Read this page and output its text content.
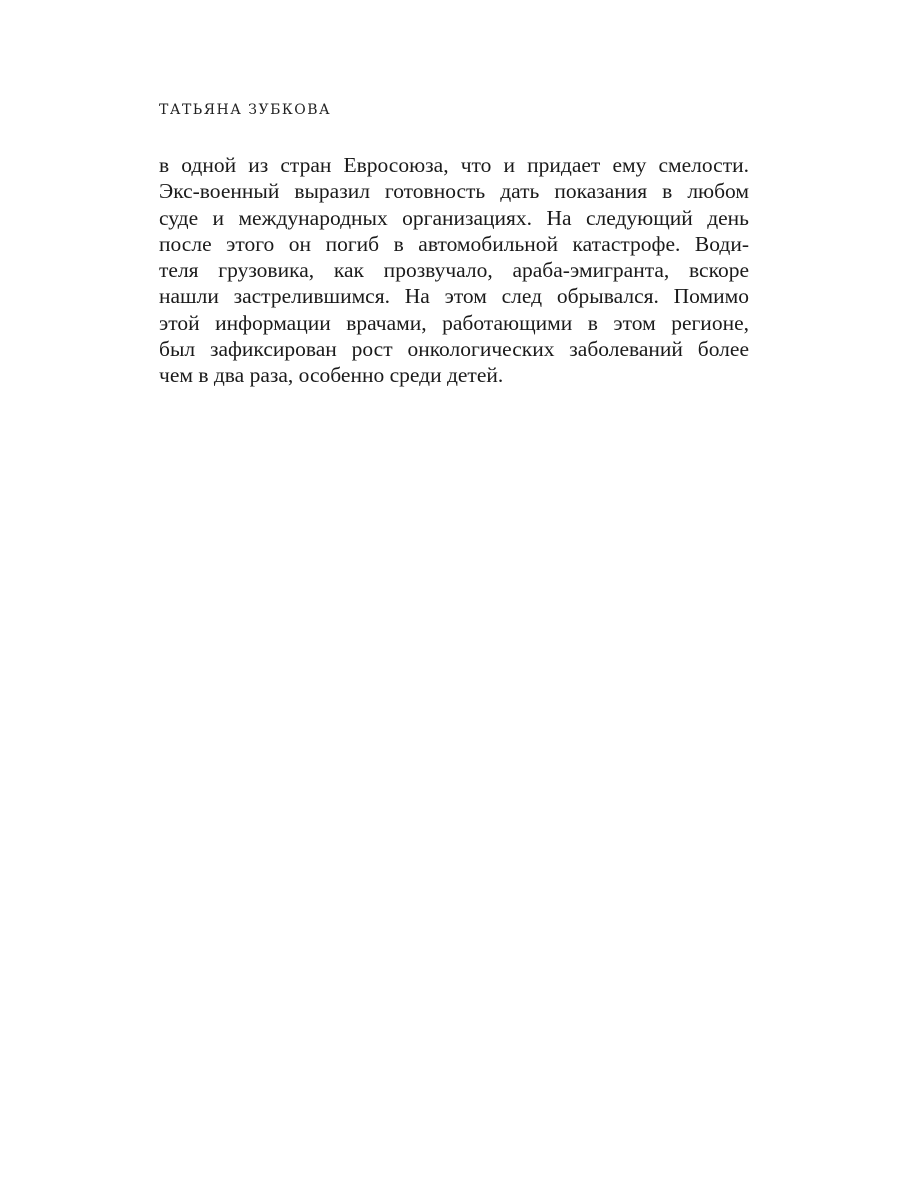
ТАТЬЯНА ЗУБКОВА
в одной из стран Евросоюза, что и придает ему смелости.
Экс-военный выразил готовность дать показания в любом
суде и международных организациях. На следующий день
после этого он погиб в автомобильной катастрофе. Води-
теля грузовика, как прозвучало, араба-эмигранта, вскоре
нашли застрелившимся. На этом след обрывался. Помимо
этой информации врачами, работающими в этом регионе,
был зафиксирован рост онкологических заболеваний более
чем в два раза, особенно среди детей.
